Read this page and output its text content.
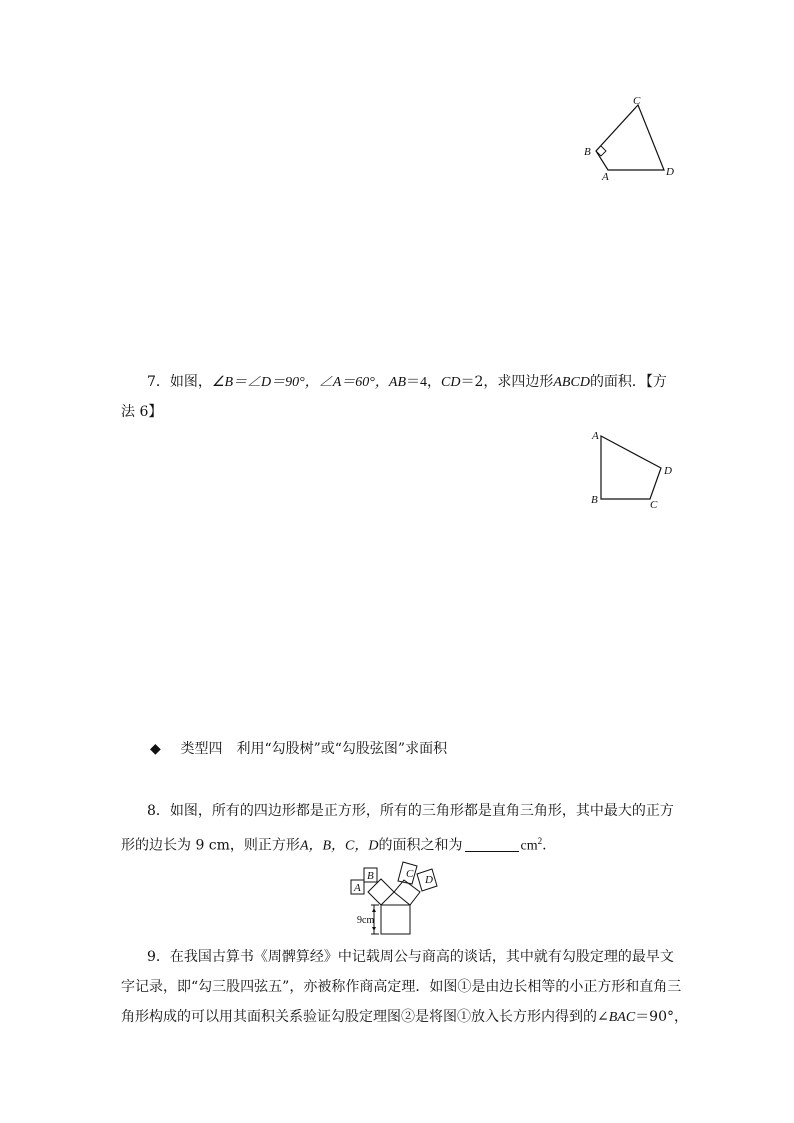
C
B
A	D
7．如图，∠B＝∠D＝90°，∠A＝60°，AB＝4，CD＝2，求四边形ABCD的面积．【方
法 6】
A
D
B	C
◆ 类型四　利用“勾股树”或“勾股弦图”求面积
8．如图，所有的四边形都是正方形，所有的三角形都是直角三角形，其中最大的正方
形的边长为 9 cm，则正方形A，B，C，D的面积之和为	$cm^2$.
A
B	C D
9cm
9．在我国古算书《周髀算经》中记载周公与商高的谈话，其中就有勾股定理的最早文
字记录，即“勾三股四弦五”，亦被称作商高定理．如图①是由边长相等的小正方形和直角三
角形构成的可以用其面积关系验证勾股定理图②是将图①放入长方形内得到的∠BAC＝90°，
